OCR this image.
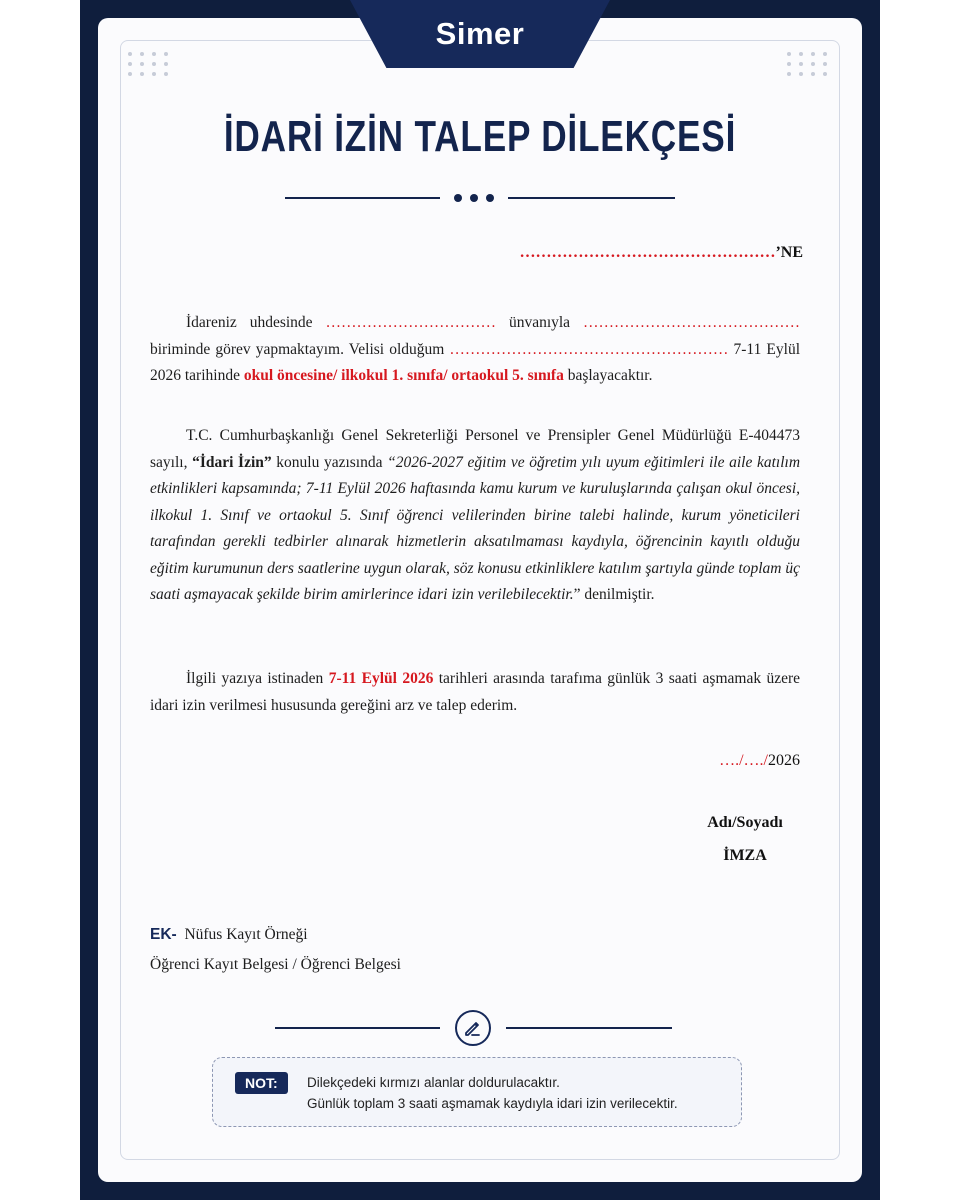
Simer
İDARİ İZİN TALEP DİLEKÇESİ
…………………………………………’NE
İdareniz uhdesinde …………………………… ünvanıyla …………………………………… biriminde görev yapmaktayım. Velisi olduğum ……………………………………………… 7-11 Eylül 2026 tarihinde okul öncesine/ ilkokul 1. sınıfa/ ortaokul 5. sınıfa başlayacaktır.
T.C. Cumhurbaşkanlığı Genel Sekreterliği Personel ve Prensipler Genel Müdürlüğü E-404473 sayılı, “İdari İzin” konulu yazısında “2026-2027 eğitim ve öğretim yılı uyum eğitimleri ile aile katılım etkinlikleri kapsamında; 7-11 Eylül 2026 haftasında kamu kurum ve kuruluşlarında çalışan okul öncesi, ilkokul 1. Sınıf ve ortaokul 5. Sınıf öğrenci velilerinden birine talebi halinde, kurum yöneticileri tarafından gerekli tedbirler alınarak hizmetlerin aksatılmaması kaydıyla, öğrencinin kayıtlı olduğu eğitim kurumunun ders saatlerine uygun olarak, söz konusu etkinliklere katılım şartıyla günde toplam üç saati aşmayacak şekilde birim amirlerince idari izin verilebilecektir.” denilmiştir.
İlgili yazıya istinaden 7-11 Eylül 2026 tarihleri arasında tarafıma günlük 3 saati aşmamak üzere idari izin verilmesi hususunda gereğini arz ve talep ederim.
…./…./2026
Adı/Soyadı
İMZA
EK- Nüfus Kayıt Örneği
Öğrenci Kayıt Belgesi / Öğrenci Belgesi
NOT:	Dilekçedeki kırmızı alanlar doldurulacaktır.
Günlük toplam 3 saati aşmamak kaydıyla idari izin verilecektir.
